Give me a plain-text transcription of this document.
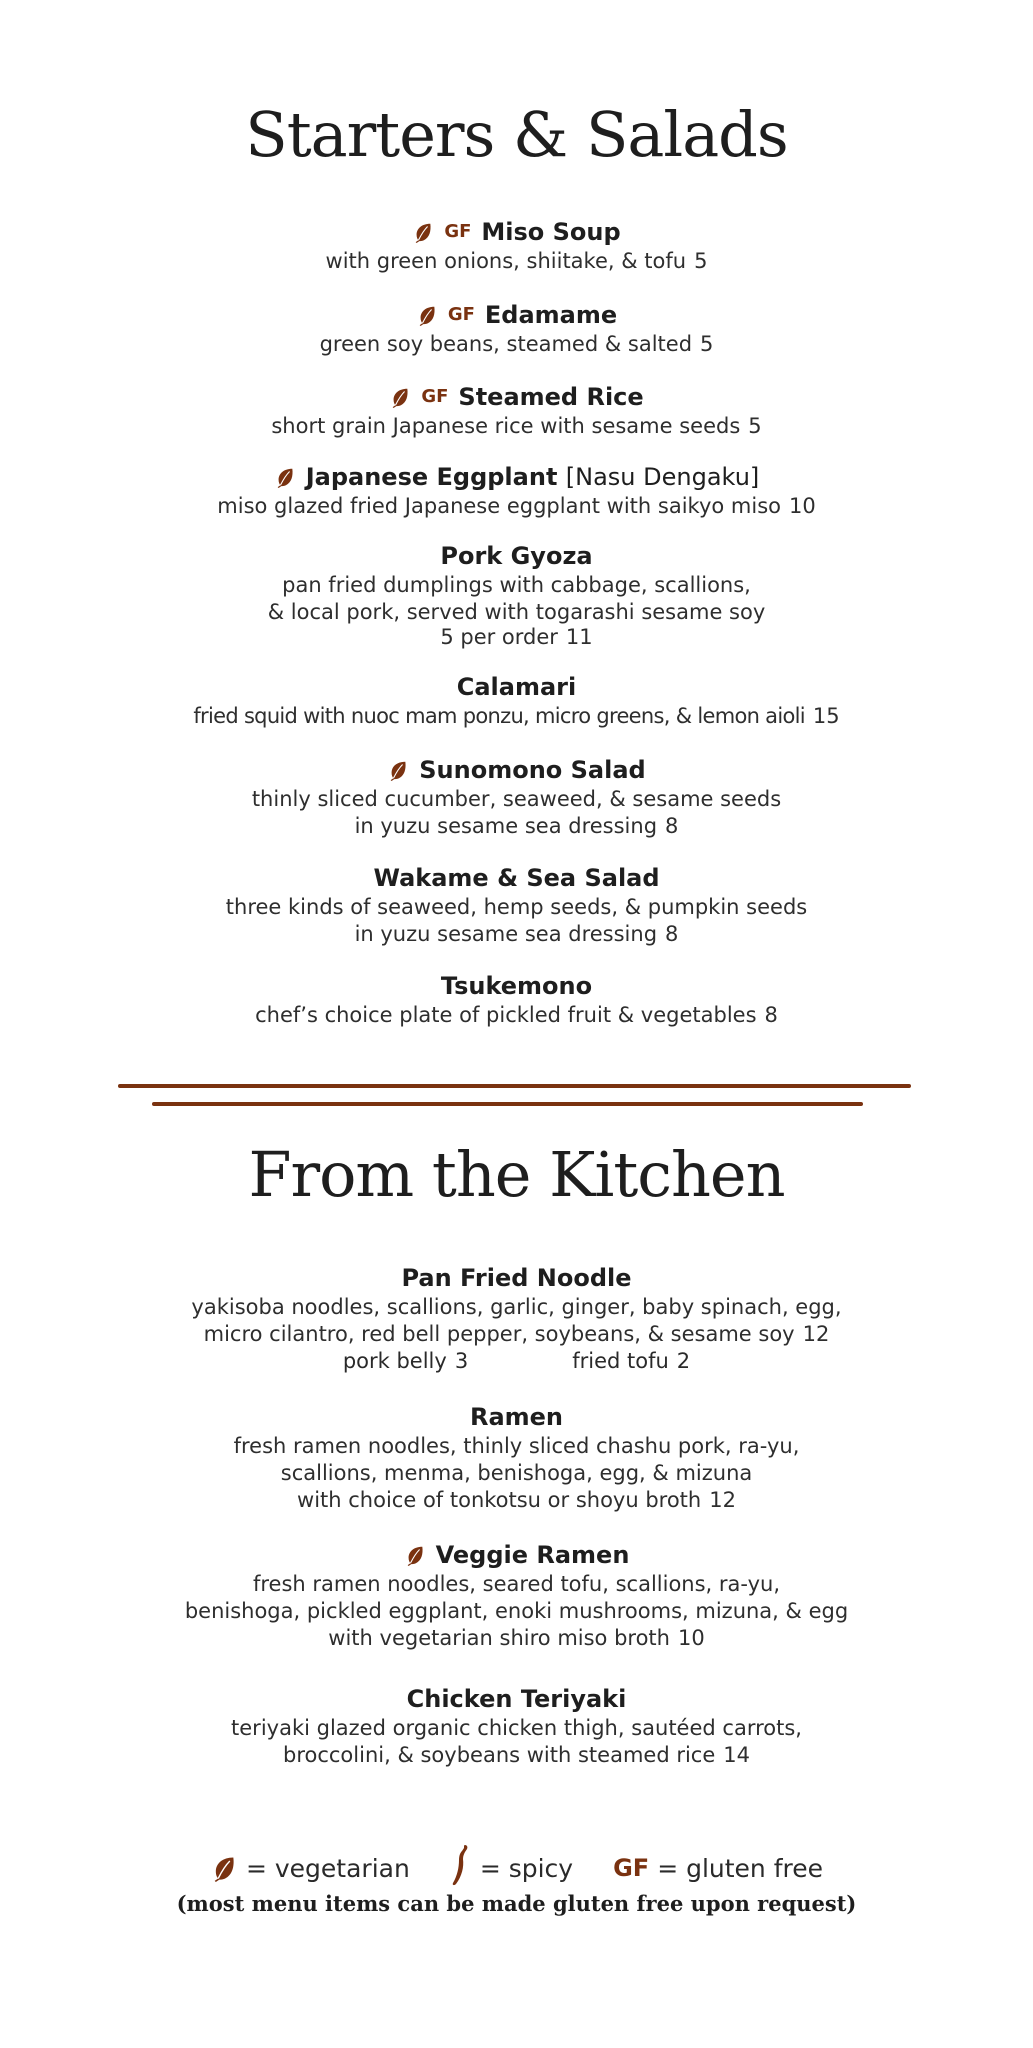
Starters & Salads
GF Miso Soup
with green onions, shiitake, & tofu 5
GF Edamame
green soy beans, steamed & salted 5
GF Steamed Rice
short grain Japanese rice with sesame seeds 5
Japanese Eggplant [Nasu Dengaku]
miso glazed fried Japanese eggplant with saikyo miso 10
Pork Gyoza
pan fried dumplings with cabbage, scallions,
& local pork, served with togarashi sesame soy
5 per order 11
Calamari
fried squid with nuoc mam ponzu, micro greens, & lemon aioli 15
Sunomono Salad
thinly sliced cucumber, seaweed, & sesame seeds
in yuzu sesame sea dressing 8
Wakame & Sea Salad
three kinds of seaweed, hemp seeds, & pumpkin seeds
in yuzu sesame sea dressing 8
Tsukemono
chef’s choice plate of pickled fruit & vegetables 8
From the Kitchen
Pan Fried Noodle
yakisoba noodles, scallions, garlic, ginger, baby spinach, egg,
micro cilantro, red bell pepper, soybeans, & sesame soy 12
pork belly 3	fried tofu 2
Ramen
fresh ramen noodles, thinly sliced chashu pork, ra-yu,
scallions, menma, benishoga, egg, & mizuna
with choice of tonkotsu or shoyu broth 12
Veggie Ramen
fresh ramen noodles, seared tofu, scallions, ra-yu,
benishoga, pickled eggplant, enoki mushrooms, mizuna, & egg
with vegetarian shiro miso broth 10
Chicken Teriyaki
teriyaki glazed organic chicken thigh, sautéed carrots,
broccolini, & soybeans with steamed rice 14
= vegetarian	= spicy GF = gluten free
(most menu items can be made gluten free upon request)
